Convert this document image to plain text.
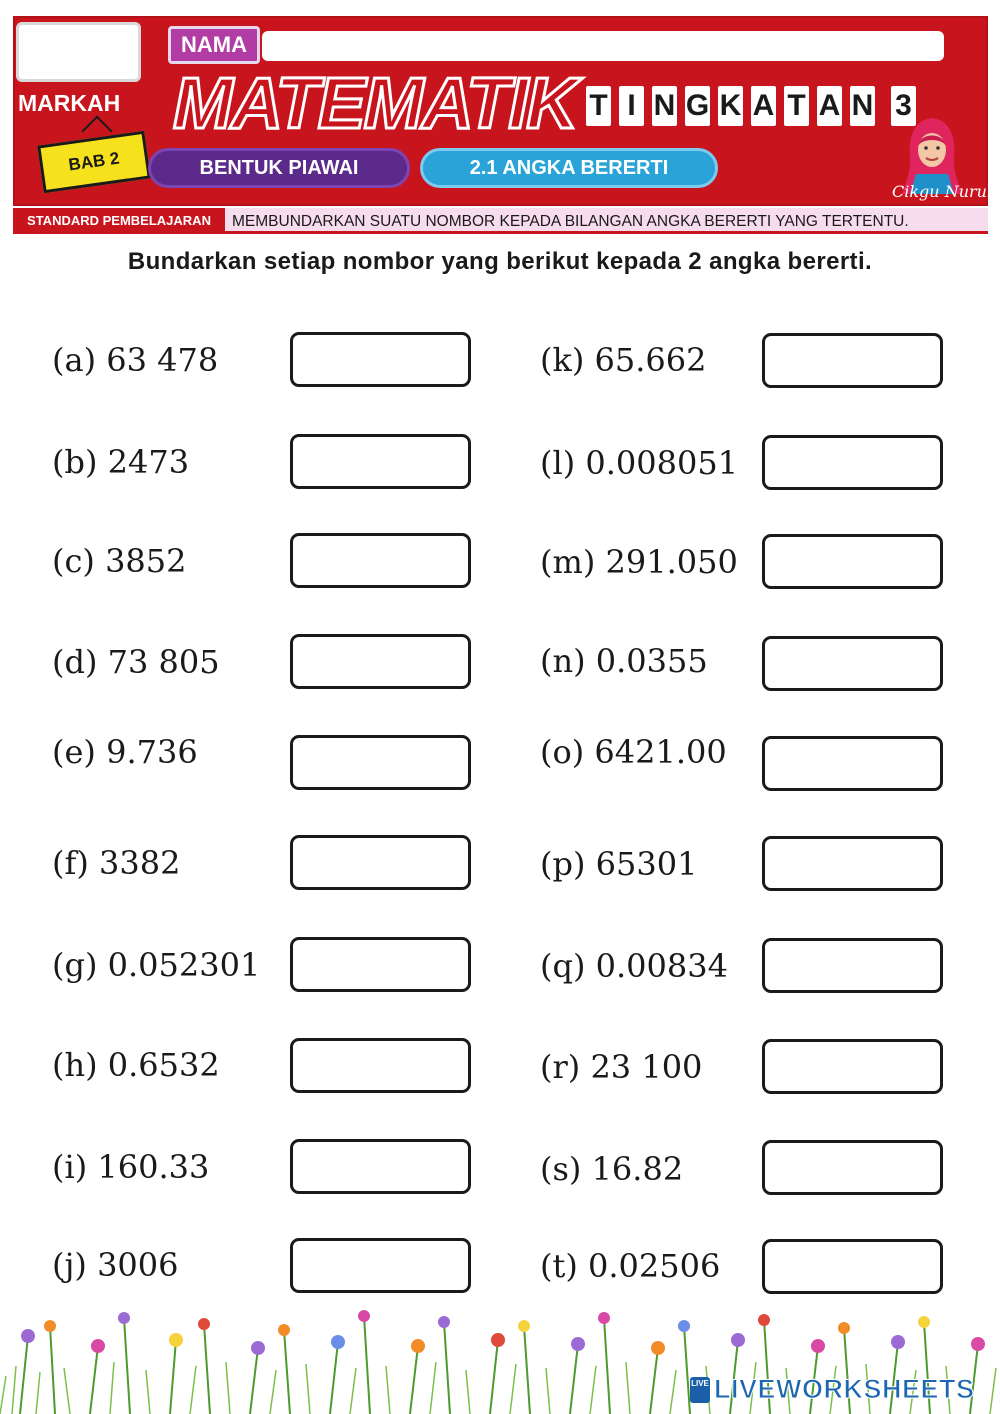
MARKAH
NAMA
MATEMATIK T I N G K A T A N 3
BAB 2	BENTUK PIAWAI	2.1 ANGKA BERERTI
Cikgu Nurul
STANDARD PEMBELAJARAN	MEMBUNDARKAN SUATU NOMBOR KEPADA BILANGAN ANGKA BERERTI YANG TERTENTU.
Bundarkan setiap nombor yang berikut kepada 2 angka bererti.
(a) 63 478
(b) 2473
(c) 3852
(d) 73 805
(e) 9.736
(f) 3382
(g) 0.052301
(h) 0.6532
(i) 160.33
(j) 3006
(k) 65.662
(l) 0.008051
(m) 291.050
(n) 0.0355
(o) 6421.00
(p) 65301
(q) 0.00834
(r) 23 100
(s) 16.82
(t) 0.02506
LIVE LIVEWORKSHEETS
